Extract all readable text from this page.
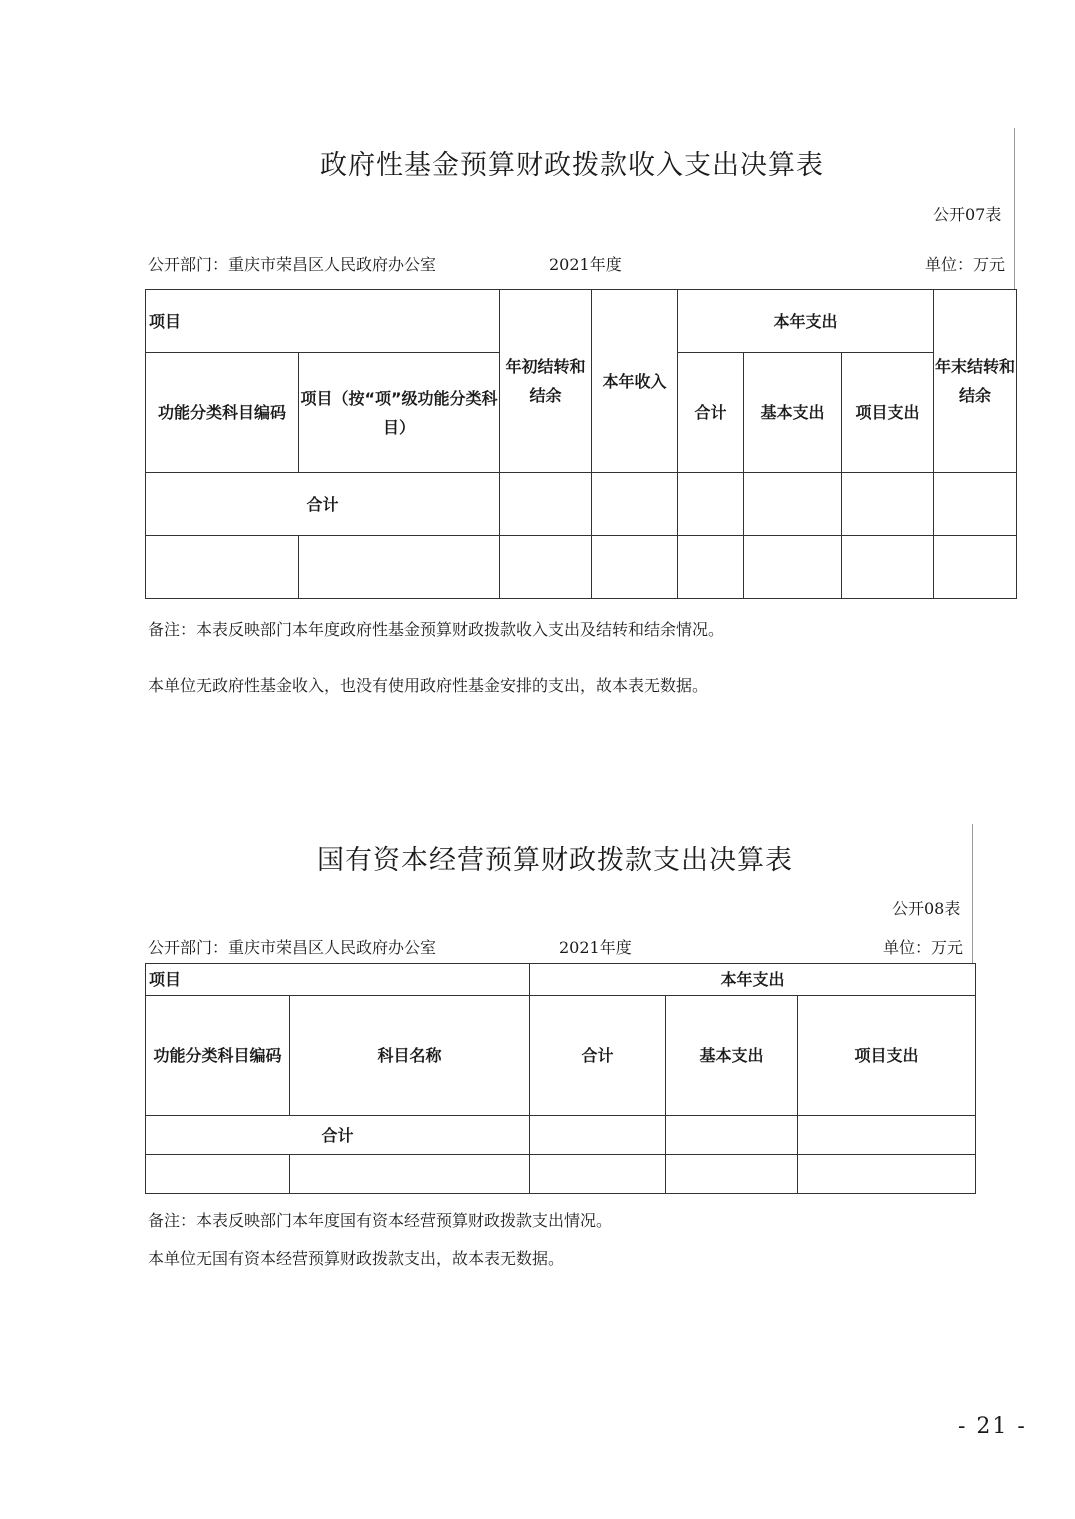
政府性基金预算财政拨款收入支出决算表
公开07表
公开部门：重庆市荣昌区人民政府办公室	2021年度	单位：万元
项目		年初结转和结余	本年收入	本年支出			年末结转和结余
功能分类科目编码	项目（按“项”级功能分类科目）			合计	基本支出	项目支出	
合计							

备注：本表反映部门本年度政府性基金预算财政拨款收入支出及结转和结余情况。
本单位无政府性基金收入，也没有使用政府性基金安排的支出，故本表无数据。
国有资本经营预算财政拨款支出决算表
公开08表
公开部门：重庆市荣昌区人民政府办公室	2021年度	单位：万元
项目		本年支出		
功能分类科目编码	科目名称	合计	基本支出	项目支出
合计				

备注：本表反映部门本年度国有资本经营预算财政拨款支出情况。
本单位无国有资本经营预算财政拨款支出，故本表无数据。
- 21 -
